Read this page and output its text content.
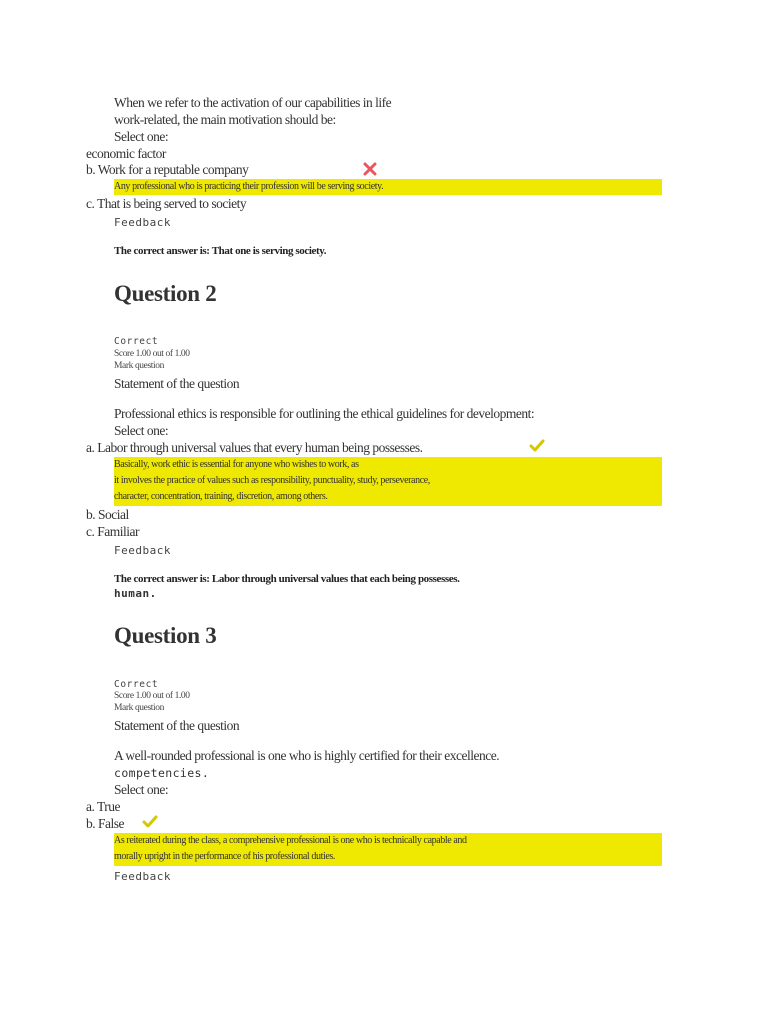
When we refer to the activation of our capabilities in life
work-related, the main motivation should be:
Select one:
economic factor
b. Work for a reputable company
Any professional who is practicing their profession will be serving society.
c. That is being served to society
Feedback
The correct answer is: That one is serving society.
Question 2
Correct
Score 1.00 out of 1.00
Mark question
Statement of the question
Professional ethics is responsible for outlining the ethical guidelines for development:
Select one:
a. Labor through universal values that every human being possesses.
Basically, work ethic is essential for anyone who wishes to work, as
it involves the practice of values such as responsibility, punctuality, study, perseverance,
character, concentration, training, discretion, among others.
b. Social
c. Familiar
Feedback
The correct answer is: Labor through universal values that each being possesses.
human.
Question 3
Correct
Score 1.00 out of 1.00
Mark question
Statement of the question
A well-rounded professional is one who is highly certified for their excellence.
competencies.
Select one:
a. True
b. False
As reiterated during the class, a comprehensive professional is one who is technically capable and
morally upright in the performance of his professional duties.
Feedback
